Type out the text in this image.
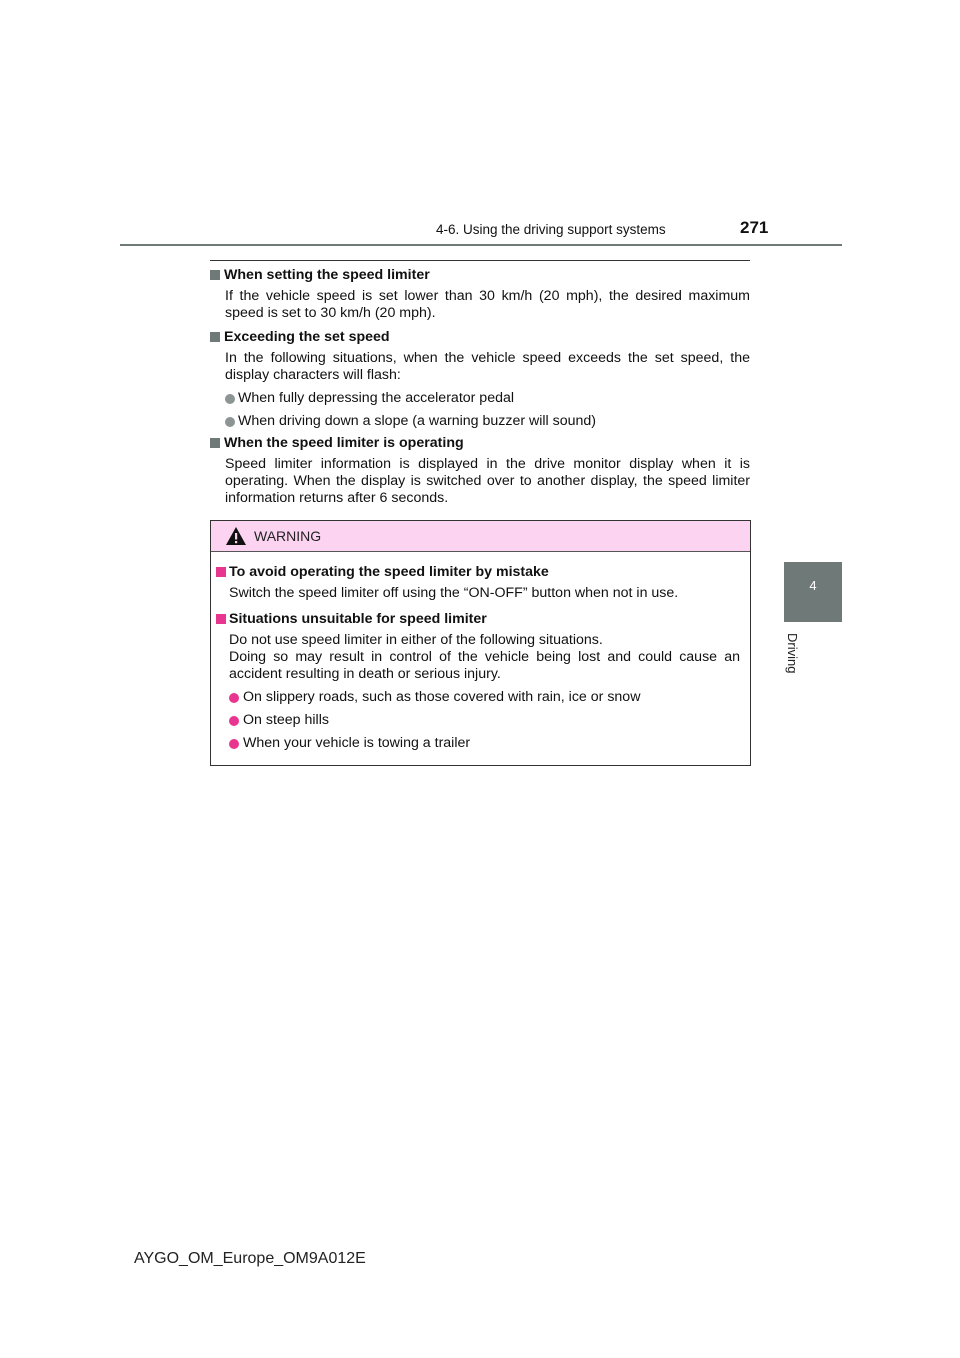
4-6. Using the driving support systems	271
4
Driving
When setting the speed limiter
If the vehicle speed is set lower than 30 km/h (20 mph), the desired maximum speed is set to 30 km/h (20 mph).
Exceeding the set speed
In the following situations, when the vehicle speed exceeds the set speed, the display characters will flash:
When fully depressing the accelerator pedal
When driving down a slope (a warning buzzer will sound)
When the speed limiter is operating
Speed limiter information is displayed in the drive monitor display when it is operating. When the display is switched over to another display, the speed limiter information returns after 6 seconds.
WARNING
To avoid operating the speed limiter by mistake
Switch the speed limiter off using the “ON-OFF” button when not in use.
Situations unsuitable for speed limiter
Do not use speed limiter in either of the following situations.
Doing so may result in control of the vehicle being lost and could cause an accident resulting in death or serious injury.
On slippery roads, such as those covered with rain, ice or snow
On steep hills
When your vehicle is towing a trailer
AYGO_OM_Europe_OM9A012E
